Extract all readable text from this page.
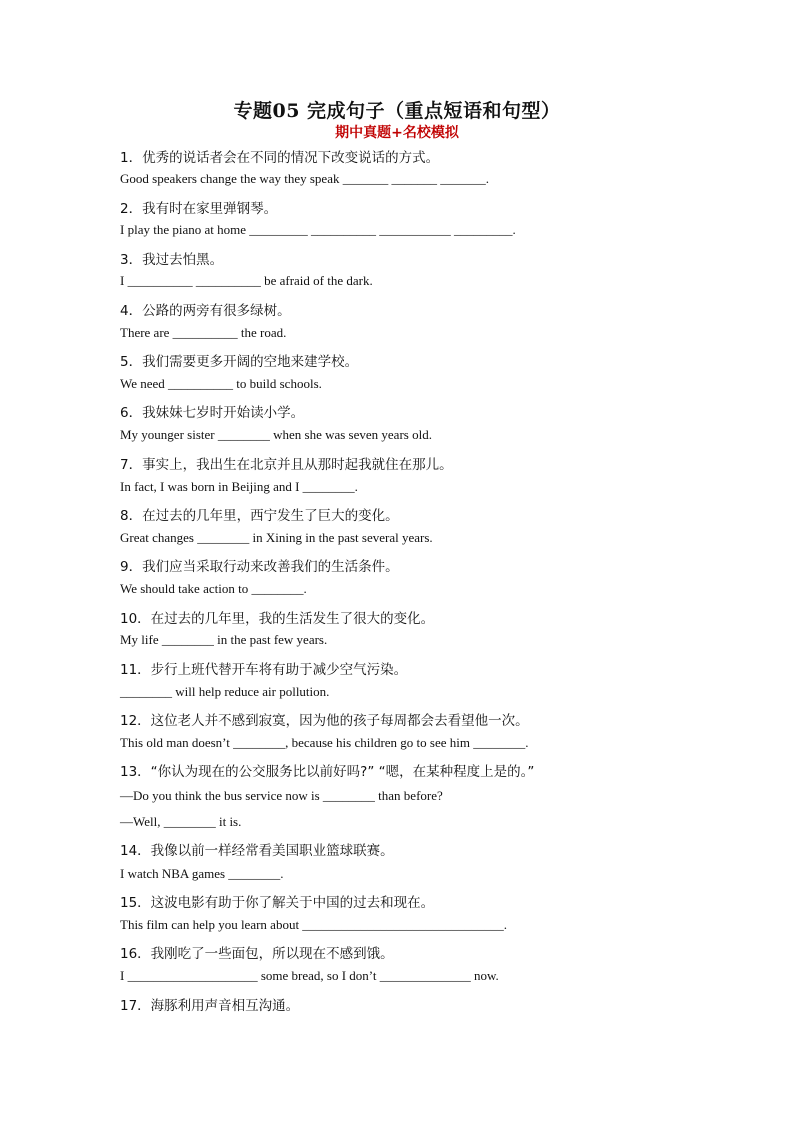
专题05 完成句子（重点短语和句型）
期中真题+名校模拟
1．优秀的说话者会在不同的情况下改变说话的方式。
Good speakers change the way they speak _______ _______ _______.
2．我有时在家里弹钢琴。
I play the piano at home _________ __________ ___________ _________.
3．我过去怕黑。
I __________ __________ be afraid of the dark.
4．公路的两旁有很多绿树。
There are __________ the road.
5．我们需要更多开阔的空地来建学校。
We need __________ to build schools.
6．我妹妹七岁时开始读小学。
My younger sister ________ when she was seven years old.
7．事实上，我出生在北京并且从那时起我就住在那儿。
In fact, I was born in Beijing and I ________.
8．在过去的几年里，西宁发生了巨大的变化。
Great changes ________ in Xining in the past several years.
9．我们应当采取行动来改善我们的生活条件。
We should take action to ________.
10．在过去的几年里，我的生活发生了很大的变化。
My life ________ in the past few years.
11．步行上班代替开车将有助于减少空气污染。
________ will help reduce air pollution.
12．这位老人并不感到寂寞，因为他的孩子每周都会去看望他一次。
This old man doesn’t ________, because his children go to see him ________.
13．“你认为现在的公交服务比以前好吗?” “嗯，在某种程度上是的。”
—Do you think the bus service now is ________ than before?
—Well, ________ it is.
14．我像以前一样经常看美国职业篮球联赛。
I watch NBA games ________.
15．这波电影有助于你了解关于中国的过去和现在。
This film can help you learn about _______________________________.
16．我刚吃了一些面包，所以现在不感到饿。
I ____________________ some bread, so I don’t ______________ now.
17．海豚利用声音相互沟通。
